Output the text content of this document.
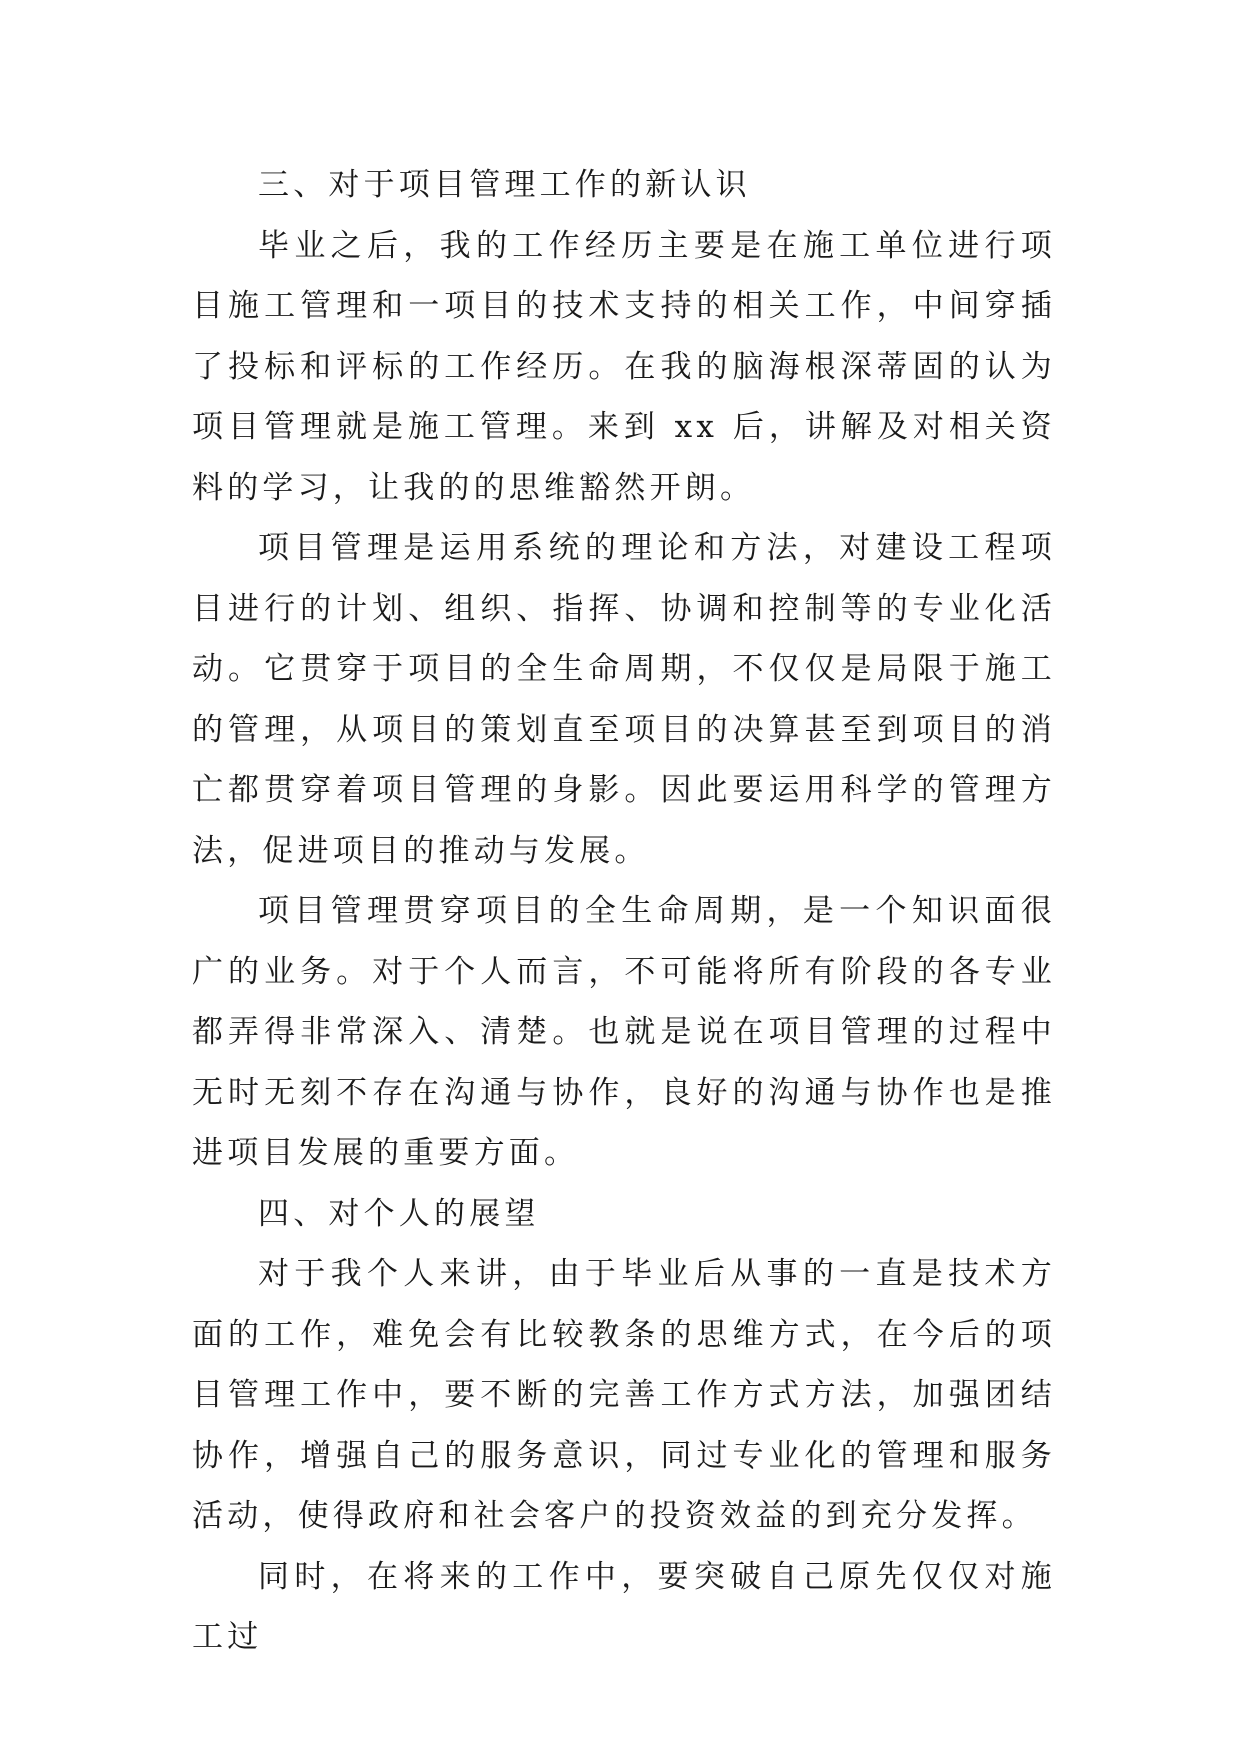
三、对于项目管理工作的新认识

毕业之后，我的工作经历主要是在施工单位进行项目施工管理和一项目的技术支持的相关工作，中间穿插了投标和评标的工作经历。在我的脑海根深蒂固的认为项目管理就是施工管理。来到 xx 后，讲解及对相关资料的学习，让我的的思维豁然开朗。

项目管理是运用系统的理论和方法，对建设工程项目进行的计划、组织、指挥、协调和控制等的专业化活动。它贯穿于项目的全生命周期，不仅仅是局限于施工的管理，从项目的策划直至项目的决算甚至到项目的消亡都贯穿着项目管理的身影。因此要运用科学的管理方法，促进项目的推动与发展。

项目管理贯穿项目的全生命周期，是一个知识面很广的业务。对于个人而言，不可能将所有阶段的各专业都弄得非常深入、清楚。也就是说在项目管理的过程中无时无刻不存在沟通与协作，良好的沟通与协作也是推进项目发展的重要方面。

四、对个人的展望

对于我个人来讲，由于毕业后从事的一直是技术方面的工作，难免会有比较教条的思维方式，在今后的项目管理工作中，要不断的完善工作方式方法，加强团结协作，增强自己的服务意识，同过专业化的管理和服务活动，使得政府和社会客户的投资效益的到充分发挥。

同时，在将来的工作中，要突破自己原先仅仅对施工过
